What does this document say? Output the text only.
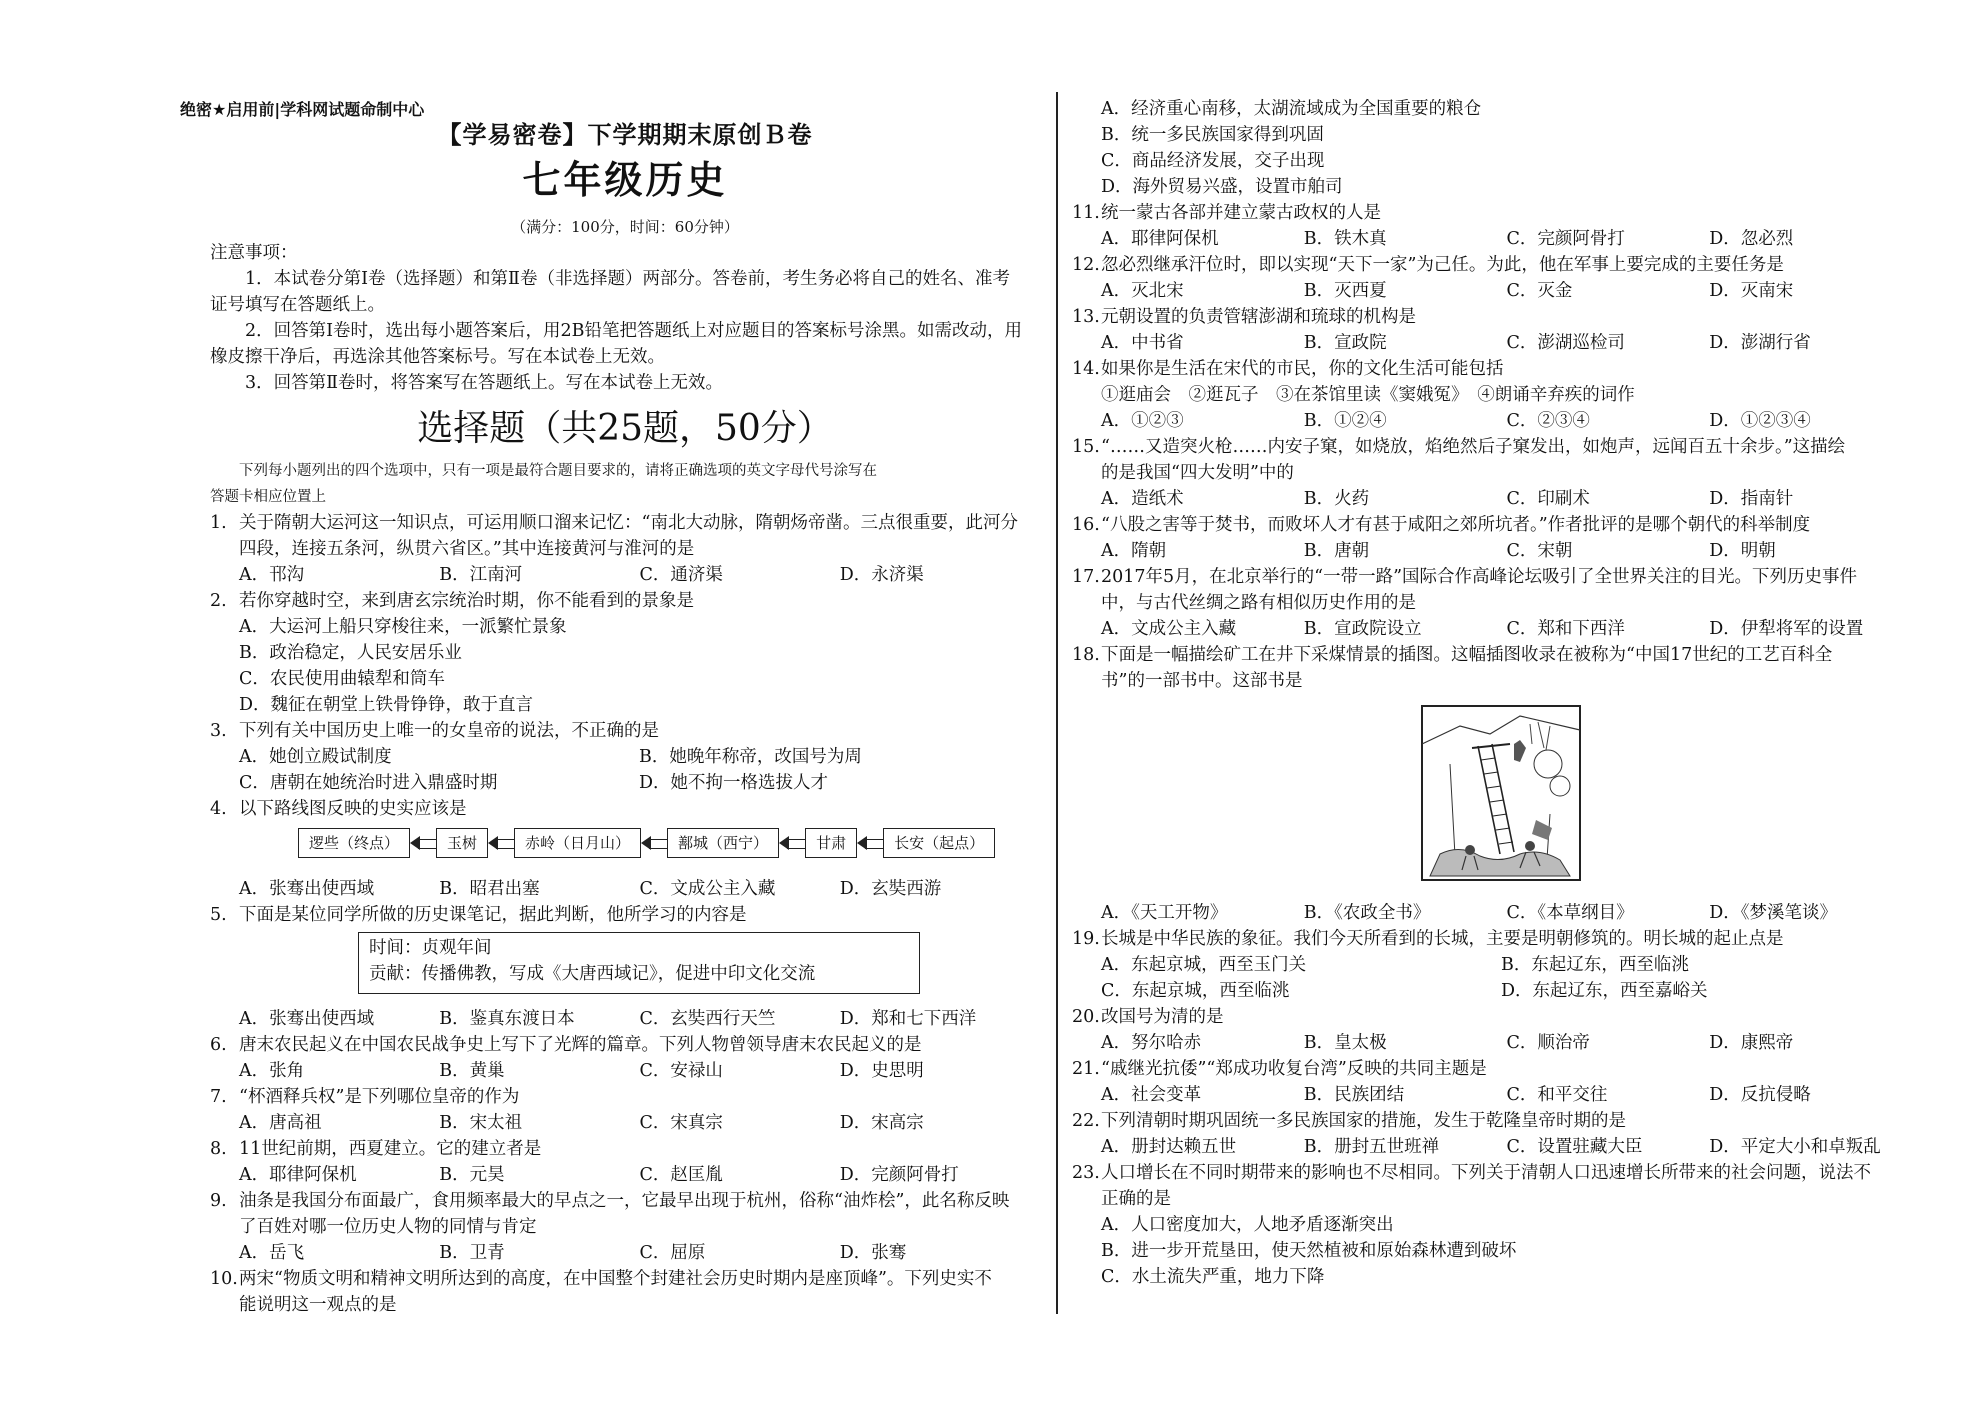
绝密★启用前|学科网试题命制中心
【学易密卷】下学期期末原创Ｂ卷
七年级历史
（满分：100分，时间：60分钟）
注意事项：
1．本试卷分第Ⅰ卷（选择题）和第Ⅱ卷（非选择题）两部分。答卷前，考生务必将自己的姓名、准考
证号填写在答题纸上。
2．回答第Ⅰ卷时，选出每小题答案后，用2B铅笔把答题纸上对应题目的答案标号涂黑。如需改动，用
橡皮擦干净后，再选涂其他答案标号。写在本试卷上无效。
3．回答第Ⅱ卷时，将答案写在答题纸上。写在本试卷上无效。
选择题（共25题，50分）
下列每小题列出的四个选项中，只有一项是最符合题目要求的，请将正确选项的英文字母代号涂写在
答题卡相应位置上
1. 关于隋朝大运河这一知识点，可运用顺口溜来记忆：“南北大动脉，隋朝炀帝凿。三点很重要，此河分
四段，连接五条河，纵贯六省区。”其中连接黄河与淮河的是
A．邗沟	B．江南河	C．通济渠	D．永济渠
2. 若你穿越时空，来到唐玄宗统治时期，你不能看到的景象是
A．大运河上船只穿梭往来，一派繁忙景象
B．政治稳定，人民安居乐业
C．农民使用曲辕犁和筒车
D．魏征在朝堂上铁骨铮铮，敢于直言
3. 下列有关中国历史上唯一的女皇帝的说法，不正确的是
A．她创立殿试制度	B．她晚年称帝，改国号为周
C．唐朝在她统治时进入鼎盛时期	D．她不拘一格选拔人才
4. 以下路线图反映的史实应该是
逻些（终点）	玉树	赤岭（日月山）	鄯城（西宁）	甘肃	长安（起点）
A．张骞出使西域	B．昭君出塞	C．文成公主入藏	D．玄奘西游
5. 下面是某位同学所做的历史课笔记，据此判断，他所学习的内容是
时间：贞观年间
贡献：传播佛教，写成《大唐西域记》，促进中印文化交流
A．张骞出使西域	B．鉴真东渡日本	C．玄奘西行天竺	D．郑和七下西洋
6. 唐末农民起义在中国农民战争史上写下了光辉的篇章。下列人物曾领导唐末农民起义的是
A．张角	B．黄巢	C．安禄山	D．史思明
7. “杯酒释兵权”是下列哪位皇帝的作为
A．唐高祖	B．宋太祖	C．宋真宗	D．宋高宗
8. 11世纪前期，西夏建立。它的建立者是
A．耶律阿保机	B．元昊	C．赵匡胤	D．完颜阿骨打
9. 油条是我国分布面最广，食用频率最大的早点之一，它最早出现于杭州，俗称“油炸桧”，此名称反映
了百姓对哪一位历史人物的同情与肯定
A．岳飞	B．卫青	C．屈原	D．张骞
10. 两宋“物质文明和精神文明所达到的高度，在中国整个封建社会历史时期内是座顶峰”。下列史实不
能说明这一观点的是
A．经济重心南移，太湖流域成为全国重要的粮仓
B．统一多民族国家得到巩固
C．商品经济发展，交子出现
D．海外贸易兴盛，设置市舶司
11. 统一蒙古各部并建立蒙古政权的人是
A．耶律阿保机	B．铁木真	C．完颜阿骨打	D．忽必烈
12. 忽必烈继承汗位时，即以实现“天下一家”为己任。为此，他在军事上要完成的主要任务是
A．灭北宋	B．灭西夏	C．灭金	D．灭南宋
13. 元朝设置的负责管辖澎湖和琉球的机构是
A．中书省	B．宣政院	C．澎湖巡检司	D．澎湖行省
14. 如果你是生活在宋代的市民，你的文化生活可能包括
①逛庙会　②逛瓦子　③在茶馆里读《窦娥冤》　④朗诵辛弃疾的词作
A．①②③	B．①②④	C．②③④	D．①②③④
15. “……又造突火枪……内安子窠，如烧放，焰绝然后子窠发出，如炮声，远闻百五十余步。”这描绘
的是我国“四大发明”中的
A．造纸术	B．火药	C．印刷术	D．指南针
16. “八股之害等于焚书，而败坏人才有甚于咸阳之郊所坑者。”作者批评的是哪个朝代的科举制度
A．隋朝	B．唐朝	C．宋朝	D．明朝
17. 2017年5月，在北京举行的“一带一路”国际合作高峰论坛吸引了全世界关注的目光。下列历史事件
中，与古代丝绸之路有相似历史作用的是
A．文成公主入藏	B．宣政院设立	C．郑和下西洋	D．伊犁将军的设置
18. 下面是一幅描绘矿工在井下采煤情景的插图。这幅插图收录在被称为“中国17世纪的工艺百科全
书”的一部书中。这部书是
A．《天工开物》	B．《农政全书》	C．《本草纲目》	D．《梦溪笔谈》
19. 长城是中华民族的象征。我们今天所看到的长城，主要是明朝修筑的。明长城的起止点是
A．东起京城，西至玉门关	B．东起辽东，西至临洮
C．东起京城，西至临洮	D．东起辽东，西至嘉峪关
20. 改国号为清的是
A．努尔哈赤	B．皇太极	C．顺治帝	D．康熙帝
21. “戚继光抗倭”“郑成功收复台湾”反映的共同主题是
A．社会变革	B．民族团结	C．和平交往	D．反抗侵略
22. 下列清朝时期巩固统一多民族国家的措施，发生于乾隆皇帝时期的是
A．册封达赖五世	B．册封五世班禅	C．设置驻藏大臣	D．平定大小和卓叛乱
23. 人口增长在不同时期带来的影响也不尽相同。下列关于清朝人口迅速增长所带来的社会问题，说法不
正确的是
A．人口密度加大，人地矛盾逐渐突出
B．进一步开荒垦田，使天然植被和原始森林遭到破坏
C．水土流失严重，地力下降
